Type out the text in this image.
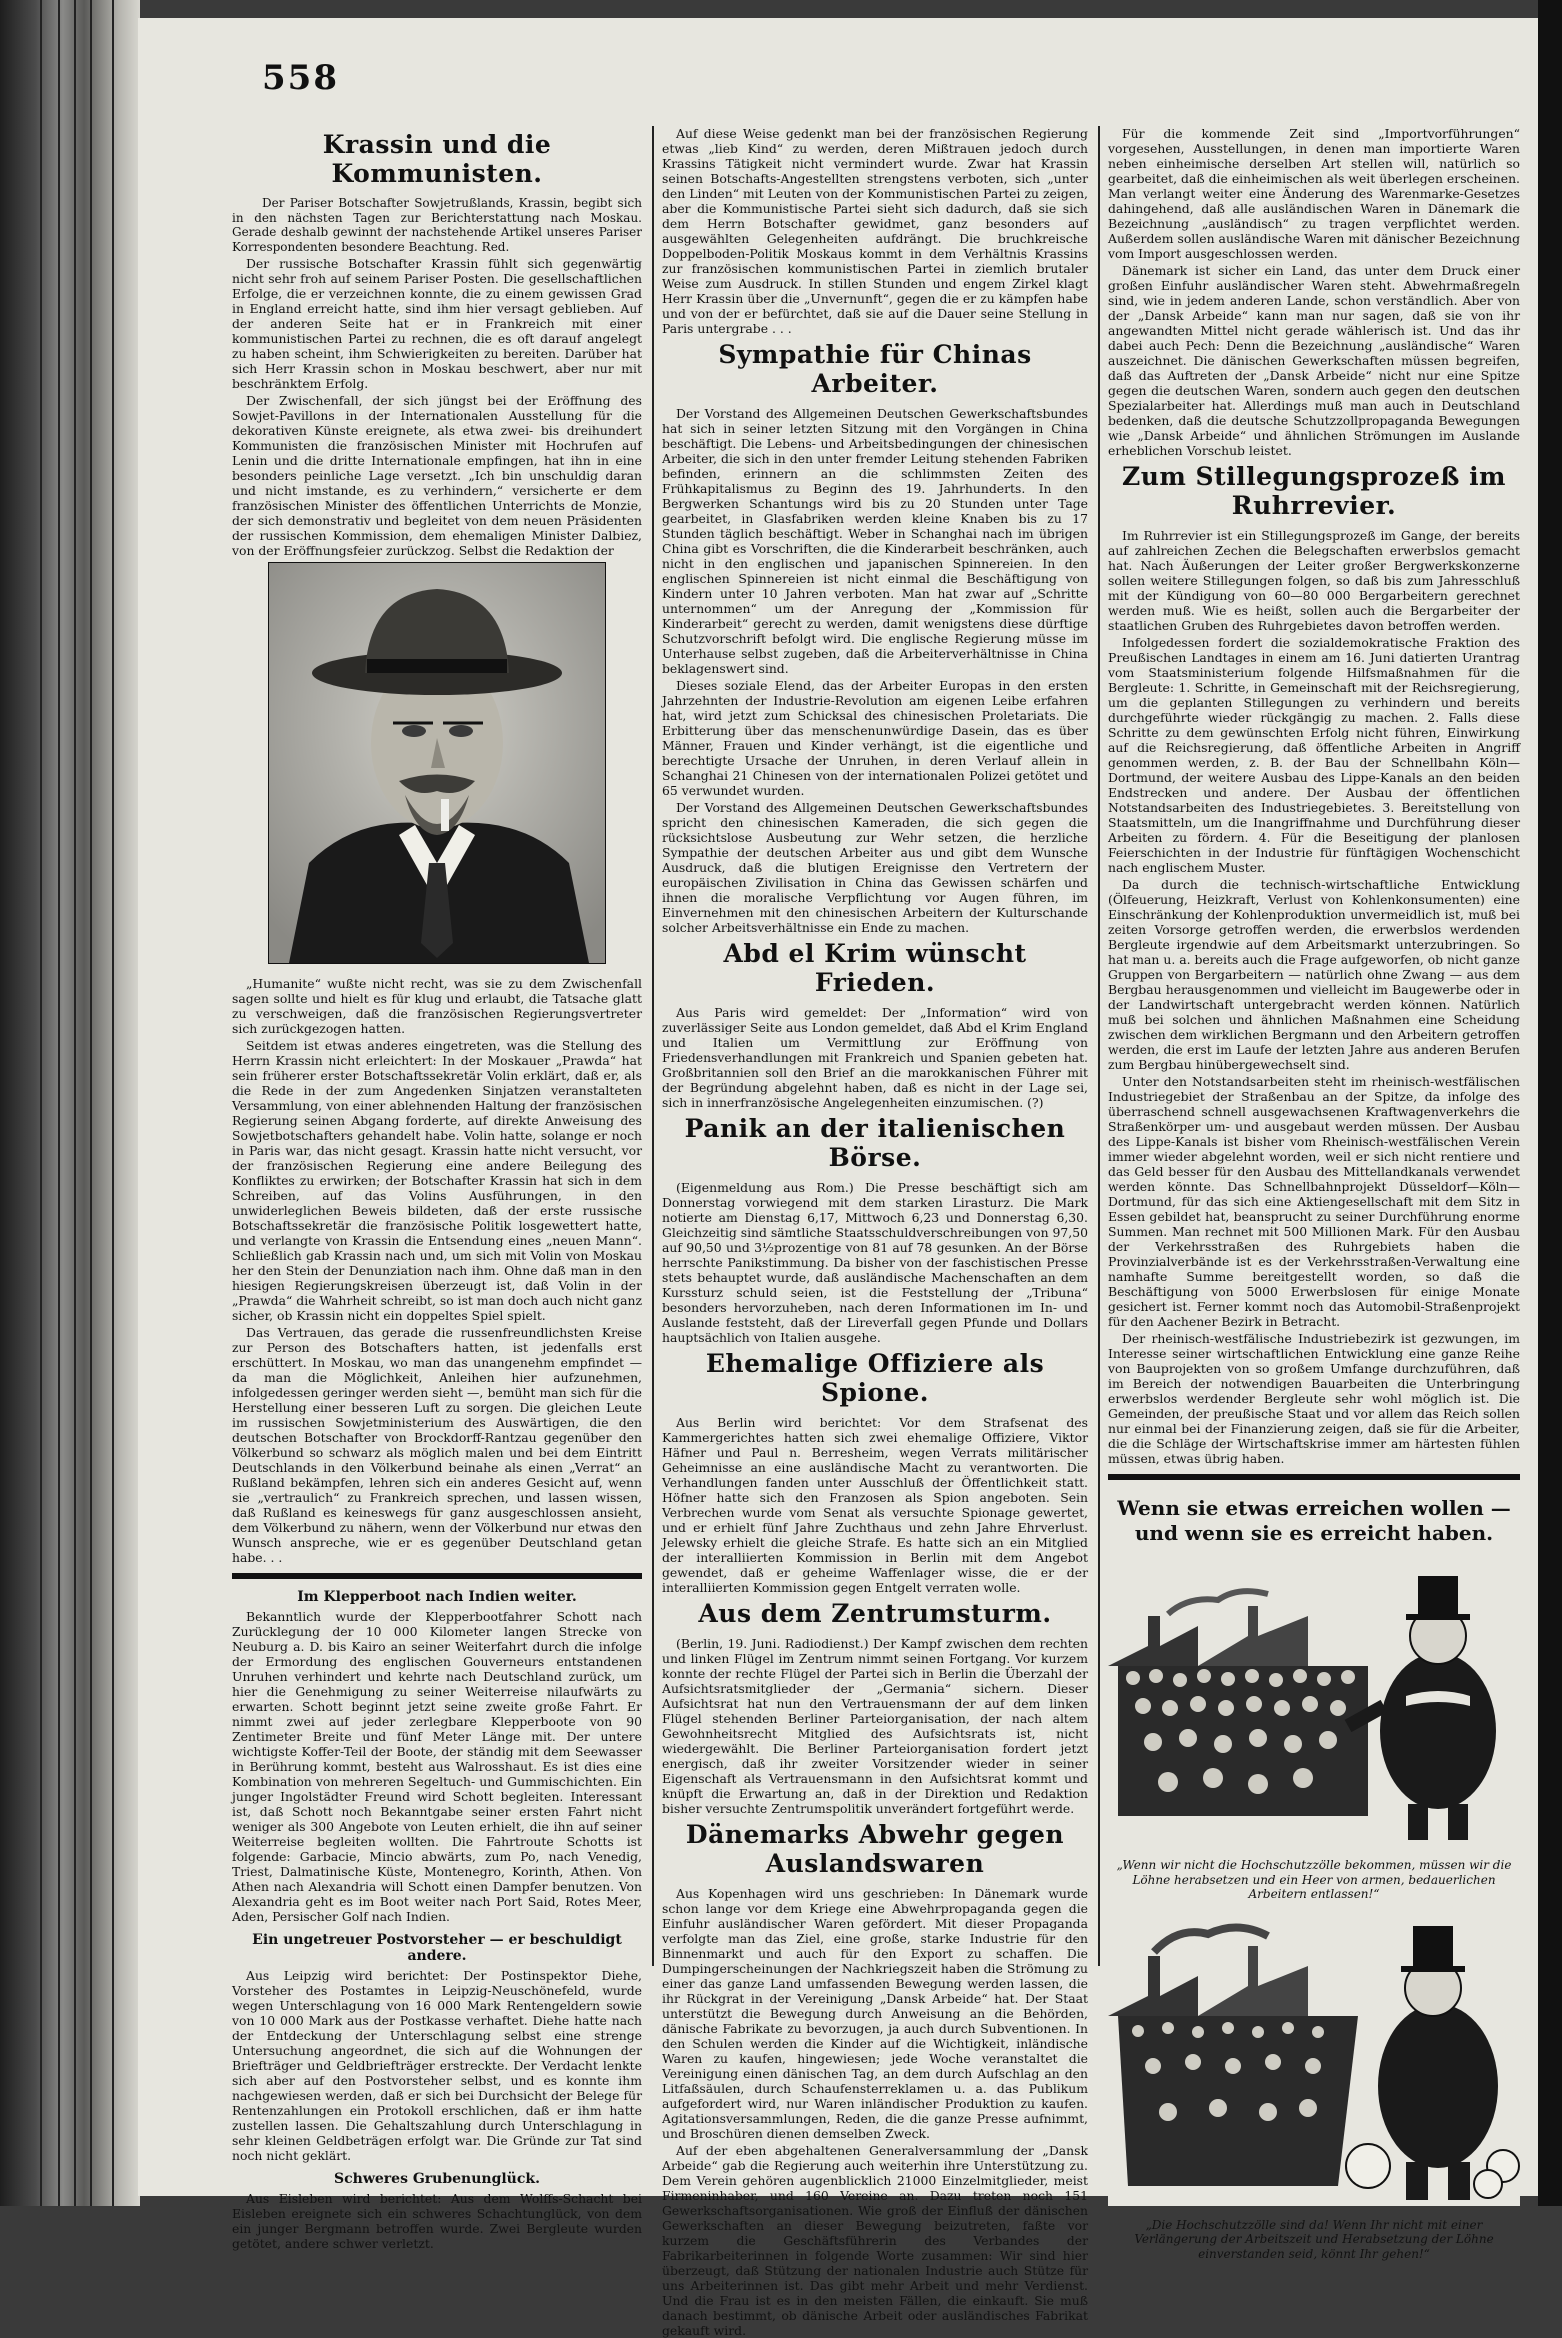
558
Krassin und die Kommunisten.

Der Pariser Botschafter Sowjetrußlands, Krassin, begibt sich in den nächsten Tagen zur Berichterstattung nach Moskau. Gerade deshalb gewinnt der nachstehende Artikel unseres Pariser Korrespondenten besondere Beachtung. Red.

Der russische Botschafter Krassin fühlt sich gegenwärtig nicht sehr froh auf seinem Pariser Posten. Die gesellschaftlichen Erfolge, die er verzeichnen konnte, die zu einem gewissen Grad in England erreicht hatte, sind ihm hier versagt geblieben. Auf der anderen Seite hat er in Frankreich mit einer kommunistischen Partei zu rechnen, die es oft darauf angelegt zu haben scheint, ihm Schwierigkeiten zu bereiten. Darüber hat sich Herr Krassin schon in Moskau beschwert, aber nur mit beschränktem Erfolg.

Der Zwischenfall, der sich jüngst bei der Eröffnung des Sowjet-Pavillons in der Internationalen Ausstellung für die dekorativen Künste ereignete, als etwa zwei- bis dreihundert Kommunisten die französischen Minister mit Hochrufen auf Lenin und die dritte Internationale empfingen, hat ihn in eine besonders peinliche Lage versetzt. „Ich bin unschuldig daran und nicht imstande, es zu verhindern,“ versicherte er dem französischen Minister des öffentlichen Unterrichts de Monzie, der sich demonstrativ und begleitet von dem neuen Präsidenten der russischen Kommission, dem ehemaligen Minister Dalbiez, von der Eröffnungsfeier zurückzog. Selbst die Redaktion der

„Humanite“ wußte nicht recht, was sie zu dem Zwischenfall sagen sollte und hielt es für klug und erlaubt, die Tatsache glatt zu verschweigen, daß die französischen Regierungsvertreter sich zurückgezogen hatten.

Seitdem ist etwas anderes eingetreten, was die Stellung des Herrn Krassin nicht erleichtert: In der Moskauer „Prawda“ hat sein früherer erster Botschaftssekretär Volin erklärt, daß er, als die Rede in der zum Angedenken Sinjatzen veranstalteten Versammlung, von einer ablehnenden Haltung der französischen Regierung seinen Abgang forderte, auf direkte Anweisung des Sowjetbotschafters gehandelt habe. Volin hatte, solange er noch in Paris war, das nicht gesagt. Krassin hatte nicht versucht, vor der französischen Regierung eine andere Beilegung des Konfliktes zu erwirken; der Botschafter Krassin hat sich in dem Schreiben, auf das Volins Ausführungen, in den unwiderleglichen Beweis bildeten, daß der erste russische Botschaftssekretär die französische Politik losgewettert hatte, und verlangte von Krassin die Entsendung eines „neuen Mann“. Schließlich gab Krassin nach und, um sich mit Volin von Moskau her den Stein der Denunziation nach ihm. Ohne daß man in den hiesigen Regierungskreisen überzeugt ist, daß Volin in der „Prawda“ die Wahrheit schreibt, so ist man doch auch nicht ganz sicher, ob Krassin nicht ein doppeltes Spiel spielt.

Das Vertrauen, das gerade die russenfreundlichsten Kreise zur Person des Botschafters hatten, ist jedenfalls erst erschüttert. In Moskau, wo man das unangenehm empfindet — da man die Möglichkeit, Anleihen hier aufzunehmen, infolgedessen geringer werden sieht —, bemüht man sich für die Herstellung einer besseren Luft zu sorgen. Die gleichen Leute im russischen Sowjetministerium des Auswärtigen, die den deutschen Botschafter von Brockdorff-Rantzau gegenüber den Völkerbund so schwarz als möglich malen und bei dem Eintritt Deutschlands in den Völkerbund beinahe als einen „Verrat“ an Rußland bekämpfen, lehren sich ein anderes Gesicht auf, wenn sie „vertraulich“ zu Frankreich sprechen, und lassen wissen, daß Rußland es keineswegs für ganz ausgeschlossen ansieht, dem Völkerbund zu nähern, wenn der Völkerbund nur etwas den Wunsch anspreche, wie er es gegenüber Deutschland getan habe. . .

Im Klepperboot nach Indien weiter.

Bekanntlich wurde der Klepperbootfahrer Schott nach Zurücklegung der 10 000 Kilometer langen Strecke von Neuburg a. D. bis Kairo an seiner Weiterfahrt durch die infolge der Ermordung des englischen Gouverneurs entstandenen Unruhen verhindert und kehrte nach Deutschland zurück, um hier die Genehmigung zu seiner Weiterreise nilaufwärts zu erwarten. Schott beginnt jetzt seine zweite große Fahrt. Er nimmt zwei auf jeder zerlegbare Klepperboote von 90 Zentimeter Breite und fünf Meter Länge mit. Der untere wichtigste Koffer-Teil der Boote, der ständig mit dem Seewasser in Berührung kommt, besteht aus Walrosshaut. Es ist dies eine Kombination von mehreren Segeltuch- und Gummischichten. Ein junger Ingolstädter Freund wird Schott begleiten. Interessant ist, daß Schott noch Bekanntgabe seiner ersten Fahrt nicht weniger als 300 Angebote von Leuten erhielt, die ihn auf seiner Weiterreise begleiten wollten. Die Fahrtroute Schotts ist folgende: Garbacie, Mincio abwärts, zum Po, nach Venedig, Triest, Dalmatinische Küste, Montenegro, Korinth, Athen. Von Athen nach Alexandria will Schott einen Dampfer benutzen. Von Alexandria geht es im Boot weiter nach Port Said, Rotes Meer, Aden, Persischer Golf nach Indien.

Ein ungetreuer Postvorsteher — er beschuldigt andere.

Aus Leipzig wird berichtet: Der Postinspektor Diehe, Vorsteher des Postamtes in Leipzig-Neuschönefeld, wurde wegen Unterschlagung von 16 000 Mark Rentengeldern sowie von 10 000 Mark aus der Postkasse verhaftet. Diehe hatte nach der Entdeckung der Unterschlagung selbst eine strenge Untersuchung angeordnet, die sich auf die Wohnungen der Briefträger und Geldbriefträger erstreckte. Der Verdacht lenkte sich aber auf den Postvorsteher selbst, und es konnte ihm nachgewiesen werden, daß er sich bei Durchsicht der Belege für Rentenzahlungen ein Protokoll erschlichen, daß er ihm hatte zustellen lassen. Die Gehaltszahlung durch Unterschlagung in sehr kleinen Geldbeträgen erfolgt war. Die Gründe zur Tat sind noch nicht geklärt.

Schweres Grubenunglück.

Aus Eisleben wird berichtet: Aus dem Wolffs-Schacht bei Eisleben ereignete sich ein schweres Schachtunglück, von dem ein junger Bergmann betroffen wurde. Zwei Bergleute wurden getötet, andere schwer verletzt.

Auf diese Weise gedenkt man bei der französischen Regierung etwas „lieb Kind“ zu werden, deren Mißtrauen jedoch durch Krassins Tätigkeit nicht vermindert wurde. Zwar hat Krassin seinen Botschafts-Angestellten strengstens verboten, sich „unter den Linden“ mit Leuten von der Kommunistischen Partei zu zeigen, aber die Kommunistische Partei sieht sich dadurch, daß sie sich dem Herrn Botschafter gewidmet, ganz besonders auf ausgewählten Gelegenheiten aufdrängt. Die bruchkreische Doppelboden-Politik Moskaus kommt in dem Verhältnis Krassins zur französischen kommunistischen Partei in ziemlich brutaler Weise zum Ausdruck. In stillen Stunden und engem Zirkel klagt Herr Krassin über die „Unvernunft“, gegen die er zu kämpfen habe und von der er befürchtet, daß sie auf die Dauer seine Stellung in Paris untergrabe . . .

Sympathie für Chinas Arbeiter.

Der Vorstand des Allgemeinen Deutschen Gewerkschaftsbundes hat sich in seiner letzten Sitzung mit den Vorgängen in China beschäftigt. Die Lebens- und Arbeitsbedingungen der chinesischen Arbeiter, die sich in den unter fremder Leitung stehenden Fabriken befinden, erinnern an die schlimmsten Zeiten des Frühkapitalismus zu Beginn des 19. Jahrhunderts. In den Bergwerken Schantungs wird bis zu 20 Stunden unter Tage gearbeitet, in Glasfabriken werden kleine Knaben bis zu 17 Stunden täglich beschäftigt. Weber in Schanghai nach im übrigen China gibt es Vorschriften, die die Kinderarbeit beschränken, auch nicht in den englischen und japanischen Spinnereien. In den englischen Spinnereien ist nicht einmal die Beschäftigung von Kindern unter 10 Jahren verboten. Man hat zwar auf „Schritte unternommen“ um der Anregung der „Kommission für Kinderarbeit“ gerecht zu werden, damit wenigstens diese dürftige Schutzvorschrift befolgt wird. Die englische Regierung müsse im Unterhause selbst zugeben, daß die Arbeiterverhältnisse in China beklagenswert sind.

Dieses soziale Elend, das der Arbeiter Europas in den ersten Jahrzehnten der Industrie-Revolution am eigenen Leibe erfahren hat, wird jetzt zum Schicksal des chinesischen Proletariats. Die Erbitterung über das menschenunwürdige Dasein, das es über Männer, Frauen und Kinder verhängt, ist die eigentliche und berechtigte Ursache der Unruhen, in deren Verlauf allein in Schanghai 21 Chinesen von der internationalen Polizei getötet und 65 verwundet wurden.

Der Vorstand des Allgemeinen Deutschen Gewerkschaftsbundes spricht den chinesischen Kameraden, die sich gegen die rücksichtslose Ausbeutung zur Wehr setzen, die herzliche Sympathie der deutschen Arbeiter aus und gibt dem Wunsche Ausdruck, daß die blutigen Ereignisse den Vertretern der europäischen Zivilisation in China das Gewissen schärfen und ihnen die moralische Verpflichtung vor Augen führen, im Einvernehmen mit den chinesischen Arbeitern der Kulturschande solcher Arbeitsverhältnisse ein Ende zu machen.

Abd el Krim wünscht Frieden.

Aus Paris wird gemeldet: Der „Information“ wird von zuverlässiger Seite aus London gemeldet, daß Abd el Krim England und Italien um Vermittlung zur Eröffnung von Friedensverhandlungen mit Frankreich und Spanien gebeten hat. Großbritannien soll den Brief an die marokkanischen Führer mit der Begründung abgelehnt haben, daß es nicht in der Lage sei, sich in innerfranzösische Angelegenheiten einzumischen. (?)

Panik an der italienischen Börse.

(Eigenmeldung aus Rom.) Die Presse beschäftigt sich am Donnerstag vorwiegend mit dem starken Lirasturz. Die Mark notierte am Dienstag 6,17, Mittwoch 6,23 und Donnerstag 6,30. Gleichzeitig sind sämtliche Staatsschuldverschreibungen von 97,50 auf 90,50 und 3½prozentige von 81 auf 78 gesunken. An der Börse herrschte Panikstimmung. Da bisher von der faschistischen Presse stets behauptet wurde, daß ausländische Machenschaften an dem Kurssturz schuld seien, ist die Feststellung der „Tribuna“ besonders hervorzuheben, nach deren Informationen im In- und Auslande feststeht, daß der Lireverfall gegen Pfunde und Dollars hauptsächlich von Italien ausgehe.

Ehemalige Offiziere als Spione.

Aus Berlin wird berichtet: Vor dem Strafsenat des Kammergerichtes hatten sich zwei ehemalige Offiziere, Viktor Häfner und Paul n. Berresheim, wegen Verrats militärischer Geheimnisse an eine ausländische Macht zu verantworten. Die Verhandlungen fanden unter Ausschluß der Öffentlichkeit statt. Höfner hatte sich den Franzosen als Spion angeboten. Sein Verbrechen wurde vom Senat als versuchte Spionage gewertet, und er erhielt fünf Jahre Zuchthaus und zehn Jahre Ehrverlust. Jelewsky erhielt die gleiche Strafe. Es hatte sich an ein Mitglied der interalliierten Kommission in Berlin mit dem Angebot gewendet, daß er geheime Waffenlager wisse, die er der interalliierten Kommission gegen Entgelt verraten wolle.

Aus dem Zentrumsturm.

(Berlin, 19. Juni. Radiodienst.) Der Kampf zwischen dem rechten und linken Flügel im Zentrum nimmt seinen Fortgang. Vor kurzem konnte der rechte Flügel der Partei sich in Berlin die Überzahl der Aufsichtsratsmitglieder der „Germania“ sichern. Dieser Aufsichtsrat hat nun den Vertrauensmann der auf dem linken Flügel stehenden Berliner Parteiorganisation, der nach altem Gewohnheitsrecht Mitglied des Aufsichtsrats ist, nicht wiedergewählt. Die Berliner Parteiorganisation fordert jetzt energisch, daß ihr zweiter Vorsitzender wieder in seiner Eigenschaft als Vertrauensmann in den Aufsichtsrat kommt und knüpft die Erwartung an, daß in der Direktion und Redaktion bisher versuchte Zentrumspolitik unverändert fortgeführt werde.

Dänemarks Abwehr gegen Auslandswaren

Aus Kopenhagen wird uns geschrieben: In Dänemark wurde schon lange vor dem Kriege eine Abwehrpropaganda gegen die Einfuhr ausländischer Waren gefördert. Mit dieser Propaganda verfolgte man das Ziel, eine große, starke Industrie für den Binnenmarkt und auch für den Export zu schaffen. Die Dumpingerscheinungen der Nachkriegszeit haben die Strömung zu einer das ganze Land umfassenden Bewegung werden lassen, die ihr Rückgrat in der Vereinigung „Dansk Arbeide“ hat. Der Staat unterstützt die Bewegung durch Anweisung an die Behörden, dänische Fabrikate zu bevorzugen, ja auch durch Subventionen. In den Schulen werden die Kinder auf die Wichtigkeit, inländische Waren zu kaufen, hingewiesen; jede Woche veranstaltet die Vereinigung einen dänischen Tag, an dem durch Aufschlag an den Litfaßsäulen, durch Schaufensterreklamen u. a. das Publikum aufgefordert wird, nur Waren inländischer Produktion zu kaufen. Agitationsversammlungen, Reden, die die ganze Presse aufnimmt, und Broschüren dienen demselben Zweck.

Auf der eben abgehaltenen Generalversammlung der „Dansk Arbeide“ gab die Regierung auch weiterhin ihre Unterstützung zu. Dem Verein gehören augenblicklich 21000 Einzelmitglieder, meist Firmeninhaber, und 160 Vereine an. Dazu treten noch 151 Gewerkschaftsorganisationen. Wie groß der Einfluß der dänischen Gewerkschaften an dieser Bewegung beizutreten, faßte vor kurzem die Geschäftsführerin des Verbandes der Fabrikarbeiterinnen in folgende Worte zusammen: Wir sind hier überzeugt, daß Stützung der nationalen Industrie auch Stütze für uns Arbeiterinnen ist. Das gibt mehr Arbeit und mehr Verdienst. Und die Frau ist es in den meisten Fällen, die einkauft. Sie muß danach bestimmt, ob dänische Arbeit oder ausländisches Fabrikat gekauft wird.

Für die kommende Zeit sind „Importvorführungen“ vorgesehen, Ausstellungen, in denen man importierte Waren neben einheimische derselben Art stellen will, natürlich so gearbeitet, daß die einheimischen als weit überlegen erscheinen. Man verlangt weiter eine Änderung des Warenmarke-Gesetzes dahingehend, daß alle ausländischen Waren in Dänemark die Bezeichnung „ausländisch“ zu tragen verpflichtet werden. Außerdem sollen ausländische Waren mit dänischer Bezeichnung vom Import ausgeschlossen werden.

Dänemark ist sicher ein Land, das unter dem Druck einer großen Einfuhr ausländischer Waren steht. Abwehrmaßregeln sind, wie in jedem anderen Lande, schon verständlich. Aber von der „Dansk Arbeide“ kann man nur sagen, daß sie von ihr angewandten Mittel nicht gerade wählerisch ist. Und das ihr dabei auch Pech: Denn die Bezeichnung „ausländische“ Waren auszeichnet. Die dänischen Gewerkschaften müssen begreifen, daß das Auftreten der „Dansk Arbeide“ nicht nur eine Spitze gegen die deutschen Waren, sondern auch gegen den deutschen Spezialarbeiter hat. Allerdings muß man auch in Deutschland bedenken, daß die deutsche Schutzzollpropaganda Bewegungen wie „Dansk Arbeide“ und ähnlichen Strömungen im Auslande erheblichen Vorschub leistet.

Zum Stillegungsprozeß im Ruhrrevier.

Im Ruhrrevier ist ein Stillegungsprozeß im Gange, der bereits auf zahlreichen Zechen die Belegschaften erwerbslos gemacht hat. Nach Äußerungen der Leiter großer Bergwerkskonzerne sollen weitere Stillegungen folgen, so daß bis zum Jahresschluß mit der Kündigung von 60—80 000 Bergarbeitern gerechnet werden muß. Wie es heißt, sollen auch die Bergarbeiter der staatlichen Gruben des Ruhrgebietes davon betroffen werden.

Infolgedessen fordert die sozialdemokratische Fraktion des Preußischen Landtages in einem am 16. Juni datierten Urantrag vom Staatsministerium folgende Hilfsmaßnahmen für die Bergleute: 1. Schritte, in Gemeinschaft mit der Reichsregierung, um die geplanten Stillegungen zu verhindern und bereits durchgeführte wieder rückgängig zu machen. 2. Falls diese Schritte zu dem gewünschten Erfolg nicht führen, Einwirkung auf die Reichsregierung, daß öffentliche Arbeiten in Angriff genommen werden, z. B. der Bau der Schnellbahn Köln—Dortmund, der weitere Ausbau des Lippe-Kanals an den beiden Endstrecken und andere. Der Ausbau der öffentlichen Notstandsarbeiten des Industriegebietes. 3. Bereitstellung von Staatsmitteln, um die Inangriffnahme und Durchführung dieser Arbeiten zu fördern. 4. Für die Beseitigung der planlosen Feierschichten in der Industrie für fünftägigen Wochenschicht nach englischem Muster.

Da durch die technisch-wirtschaftliche Entwicklung (Ölfeuerung, Heizkraft, Verlust von Kohlenkonsumenten) eine Einschränkung der Kohlenproduktion unvermeidlich ist, muß bei zeiten Vorsorge getroffen werden, die erwerbslos werdenden Bergleute irgendwie auf dem Arbeitsmarkt unterzubringen. So hat man u. a. bereits auch die Frage aufgeworfen, ob nicht ganze Gruppen von Bergarbeitern — natürlich ohne Zwang — aus dem Bergbau herausgenommen und vielleicht im Baugewerbe oder in der Landwirtschaft untergebracht werden können. Natürlich muß bei solchen und ähnlichen Maßnahmen eine Scheidung zwischen dem wirklichen Bergmann und den Arbeitern getroffen werden, die erst im Laufe der letzten Jahre aus anderen Berufen zum Bergbau hinübergewechselt sind.

Unter den Notstandsarbeiten steht im rheinisch-westfälischen Industriegebiet der Straßenbau an der Spitze, da infolge des überraschend schnell ausgewachsenen Kraftwagenverkehrs die Straßenkörper um- und ausgebaut werden müssen. Der Ausbau des Lippe-Kanals ist bisher vom Rheinisch-westfälischen Verein immer wieder abgelehnt worden, weil er sich nicht rentiere und das Geld besser für den Ausbau des Mittellandkanals verwendet werden könnte. Das Schnellbahnprojekt Düsseldorf—Köln—Dortmund, für das sich eine Aktiengesellschaft mit dem Sitz in Essen gebildet hat, beansprucht zu seiner Durchführung enorme Summen. Man rechnet mit 500 Millionen Mark. Für den Ausbau der Verkehrsstraßen des Ruhrgebiets haben die Provinzialverbände ist es der Verkehrsstraßen-Verwaltung eine namhafte Summe bereitgestellt worden, so daß die Beschäftigung von 5000 Erwerbslosen für einige Monate gesichert ist. Ferner kommt noch das Automobil-Straßenprojekt für den Aachener Bezirk in Betracht.

Der rheinisch-westfälische Industriebezirk ist gezwungen, im Interesse seiner wirtschaftlichen Entwicklung eine ganze Reihe von Bauprojekten von so großem Umfange durchzuführen, daß im Bereich der notwendigen Bauarbeiten die Unterbringung erwerbslos werdender Bergleute sehr wohl möglich ist. Die Gemeinden, der preußische Staat und vor allem das Reich sollen nur einmal bei der Finanzierung zeigen, daß sie für die Arbeiter, die die Schläge der Wirtschaftskrise immer am härtesten fühlen müssen, etwas übrig haben.

Wenn sie etwas erreichen wollen — und wenn sie es erreicht haben.
„Wenn wir nicht die Hochschutzzölle bekommen, müssen wir die Löhne herabsetzen und ein Heer von armen, bedauerlichen Arbeitern entlassen!“
„Die Hochschutzzölle sind da! Wenn Ihr nicht mit einer Verlängerung der Arbeitszeit und Herabsetzung der Löhne einverstanden seid, könnt Ihr gehen!“
